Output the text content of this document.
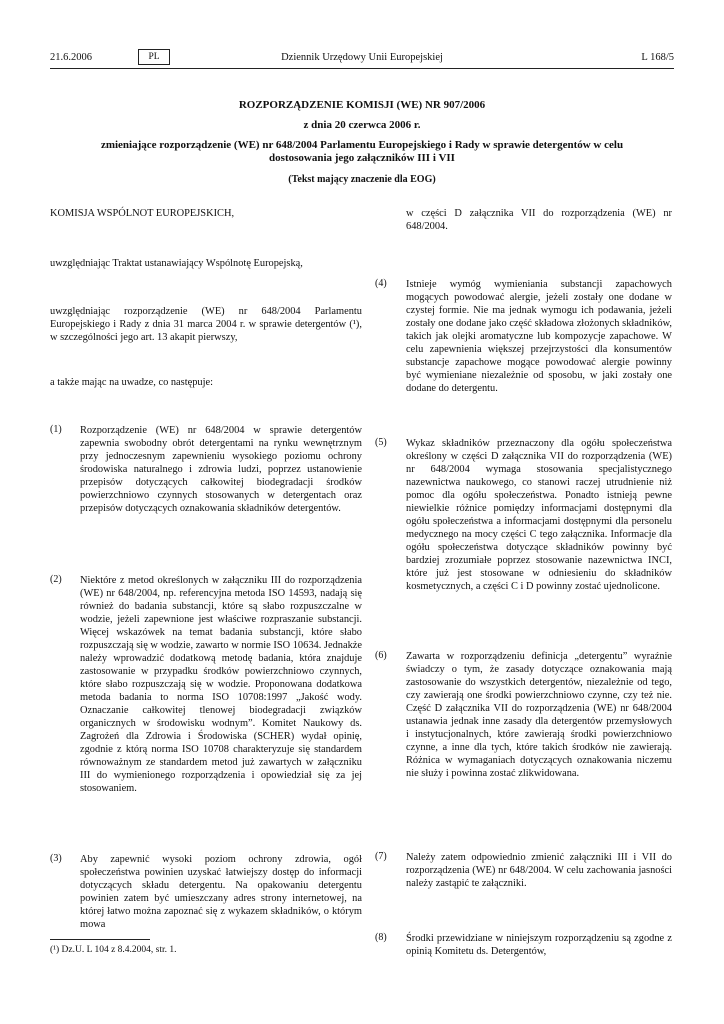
21.6.2006	PL	Dziennik Urzędowy Unii Europejskiej	L 168/5
ROZPORZĄDZENIE KOMISJI (WE) NR 907/2006
z dnia 20 czerwca 2006 r.
zmieniające rozporządzenie (WE) nr 648/2004 Parlamentu Europejskiego i Rady w sprawie detergentów w celu dostosowania jego załączników III i VII
(Tekst mający znaczenie dla EOG)
KOMISJA WSPÓLNOT EUROPEJSKICH,
uwzględniając Traktat ustanawiający Wspólnotę Europejską,
uwzględniając rozporządzenie (WE) nr 648/2004 Parlamentu Europejskiego i Rady z dnia 31 marca 2004 r. w sprawie detergentów (¹), w szczególności jego art. 13 akapit pierwszy,
a także mając na uwadze, co następuje:
(1) Rozporządzenie (WE) nr 648/2004 w sprawie detergentów zapewnia swobodny obrót detergentami na rynku wewnętrznym przy jednoczesnym zapewnieniu wysokiego poziomu ochrony środowiska naturalnego i zdrowia ludzi, poprzez ustanowienie przepisów dotyczących całkowitej biodegradacji środków powierzchniowo czynnych stosowanych w detergentach oraz przepisów dotyczących oznakowania składników detergentów.
(2) Niektóre z metod określonych w załączniku III do rozporządzenia (WE) nr 648/2004, np. referencyjna metoda ISO 14593, nadają się również do badania substancji, które są słabo rozpuszczalne w wodzie, jeżeli zapewnione jest właściwe rozpraszanie substancji. Więcej wskazówek na temat badania substancji, które słabo rozpuszczają się w wodzie, zawarto w normie ISO 10634. Jednakże należy wprowadzić dodatkową metodę badania, która znajduje zastosowanie w przypadku środków powierzchniowo czynnych, które słabo rozpuszczają się w wodzie. Proponowana dodatkowa metoda badania to norma ISO 10708:1997 „Jakość wody. Oznaczanie całkowitej tlenowej biodegradacji związków organicznych w środowisku wodnym”. Komitet Naukowy ds. Zagrożeń dla Zdrowia i Środowiska (SCHER) wydał opinię, zgodnie z którą norma ISO 10708 charakteryzuje się standardem równoważnym ze standardem metod już zawartych w załączniku III do wymienionego rozporządzenia i opowiedział się za jej stosowaniem.
(3) Aby zapewnić wysoki poziom ochrony zdrowia, ogół społeczeństwa powinien uzyskać łatwiejszy dostęp do informacji dotyczących składu detergentu. Na opakowaniu detergentu powinien zatem być umieszczany adres strony internetowej, na której łatwo można zapoznać się z wykazem składników, o którym mowa
(¹) Dz.U. L 104 z 8.4.2004, str. 1.
w części D załącznika VII do rozporządzenia (WE) nr 648/2004.
(4) Istnieje wymóg wymieniania substancji zapachowych mogących powodować alergie, jeżeli zostały one dodane w czystej formie. Nie ma jednak wymogu ich podawania, jeżeli zostały one dodane jako część składowa złożonych składników, takich jak olejki aromatyczne lub kompozycje zapachowe. W celu zapewnienia większej przejrzystości dla konsumentów substancje zapachowe mogące powodować alergie powinny być wymieniane niezależnie od sposobu, w jaki zostały one dodane do detergentu.
(5) Wykaz składników przeznaczony dla ogółu społeczeństwa określony w części D załącznika VII do rozporządzenia (WE) nr 648/2004 wymaga stosowania specjalistycznego nazewnictwa naukowego, co stanowi raczej utrudnienie niż pomoc dla ogółu społeczeństwa. Ponadto istnieją pewne niewielkie różnice pomiędzy informacjami dostępnymi dla ogółu społeczeństwa a informacjami dostępnymi dla personelu medycznego na mocy części C tego załącznika. Informacje dla ogółu społeczeństwa dotyczące składników powinny być bardziej zrozumiałe poprzez stosowanie nazewnictwa INCI, które już jest stosowane w odniesieniu do składników kosmetycznych, a części C i D powinny zostać ujednolicone.
(6) Zawarta w rozporządzeniu definicja „detergentu” wyraźnie świadczy o tym, że zasady dotyczące oznakowania mają zastosowanie do wszystkich detergentów, niezależnie od tego, czy zawierają one środki powierzchniowo czynne, czy też nie. Część D załącznika VII do rozporządzenia (WE) nr 648/2004 ustanawia jednak inne zasady dla detergentów przemysłowych i instytucjonalnych, które zawierają środki powierzchniowo czynne, a inne dla tych, które takich środków nie zawierają. Różnica w wymaganiach dotyczących oznakowania niczemu nie służy i powinna zostać zlikwidowana.
(7) Należy zatem odpowiednio zmienić załączniki III i VII do rozporządzenia (WE) nr 648/2004. W celu zachowania jasności należy zastąpić te załączniki.
(8) Środki przewidziane w niniejszym rozporządzeniu są zgodne z opinią Komitetu ds. Detergentów,
